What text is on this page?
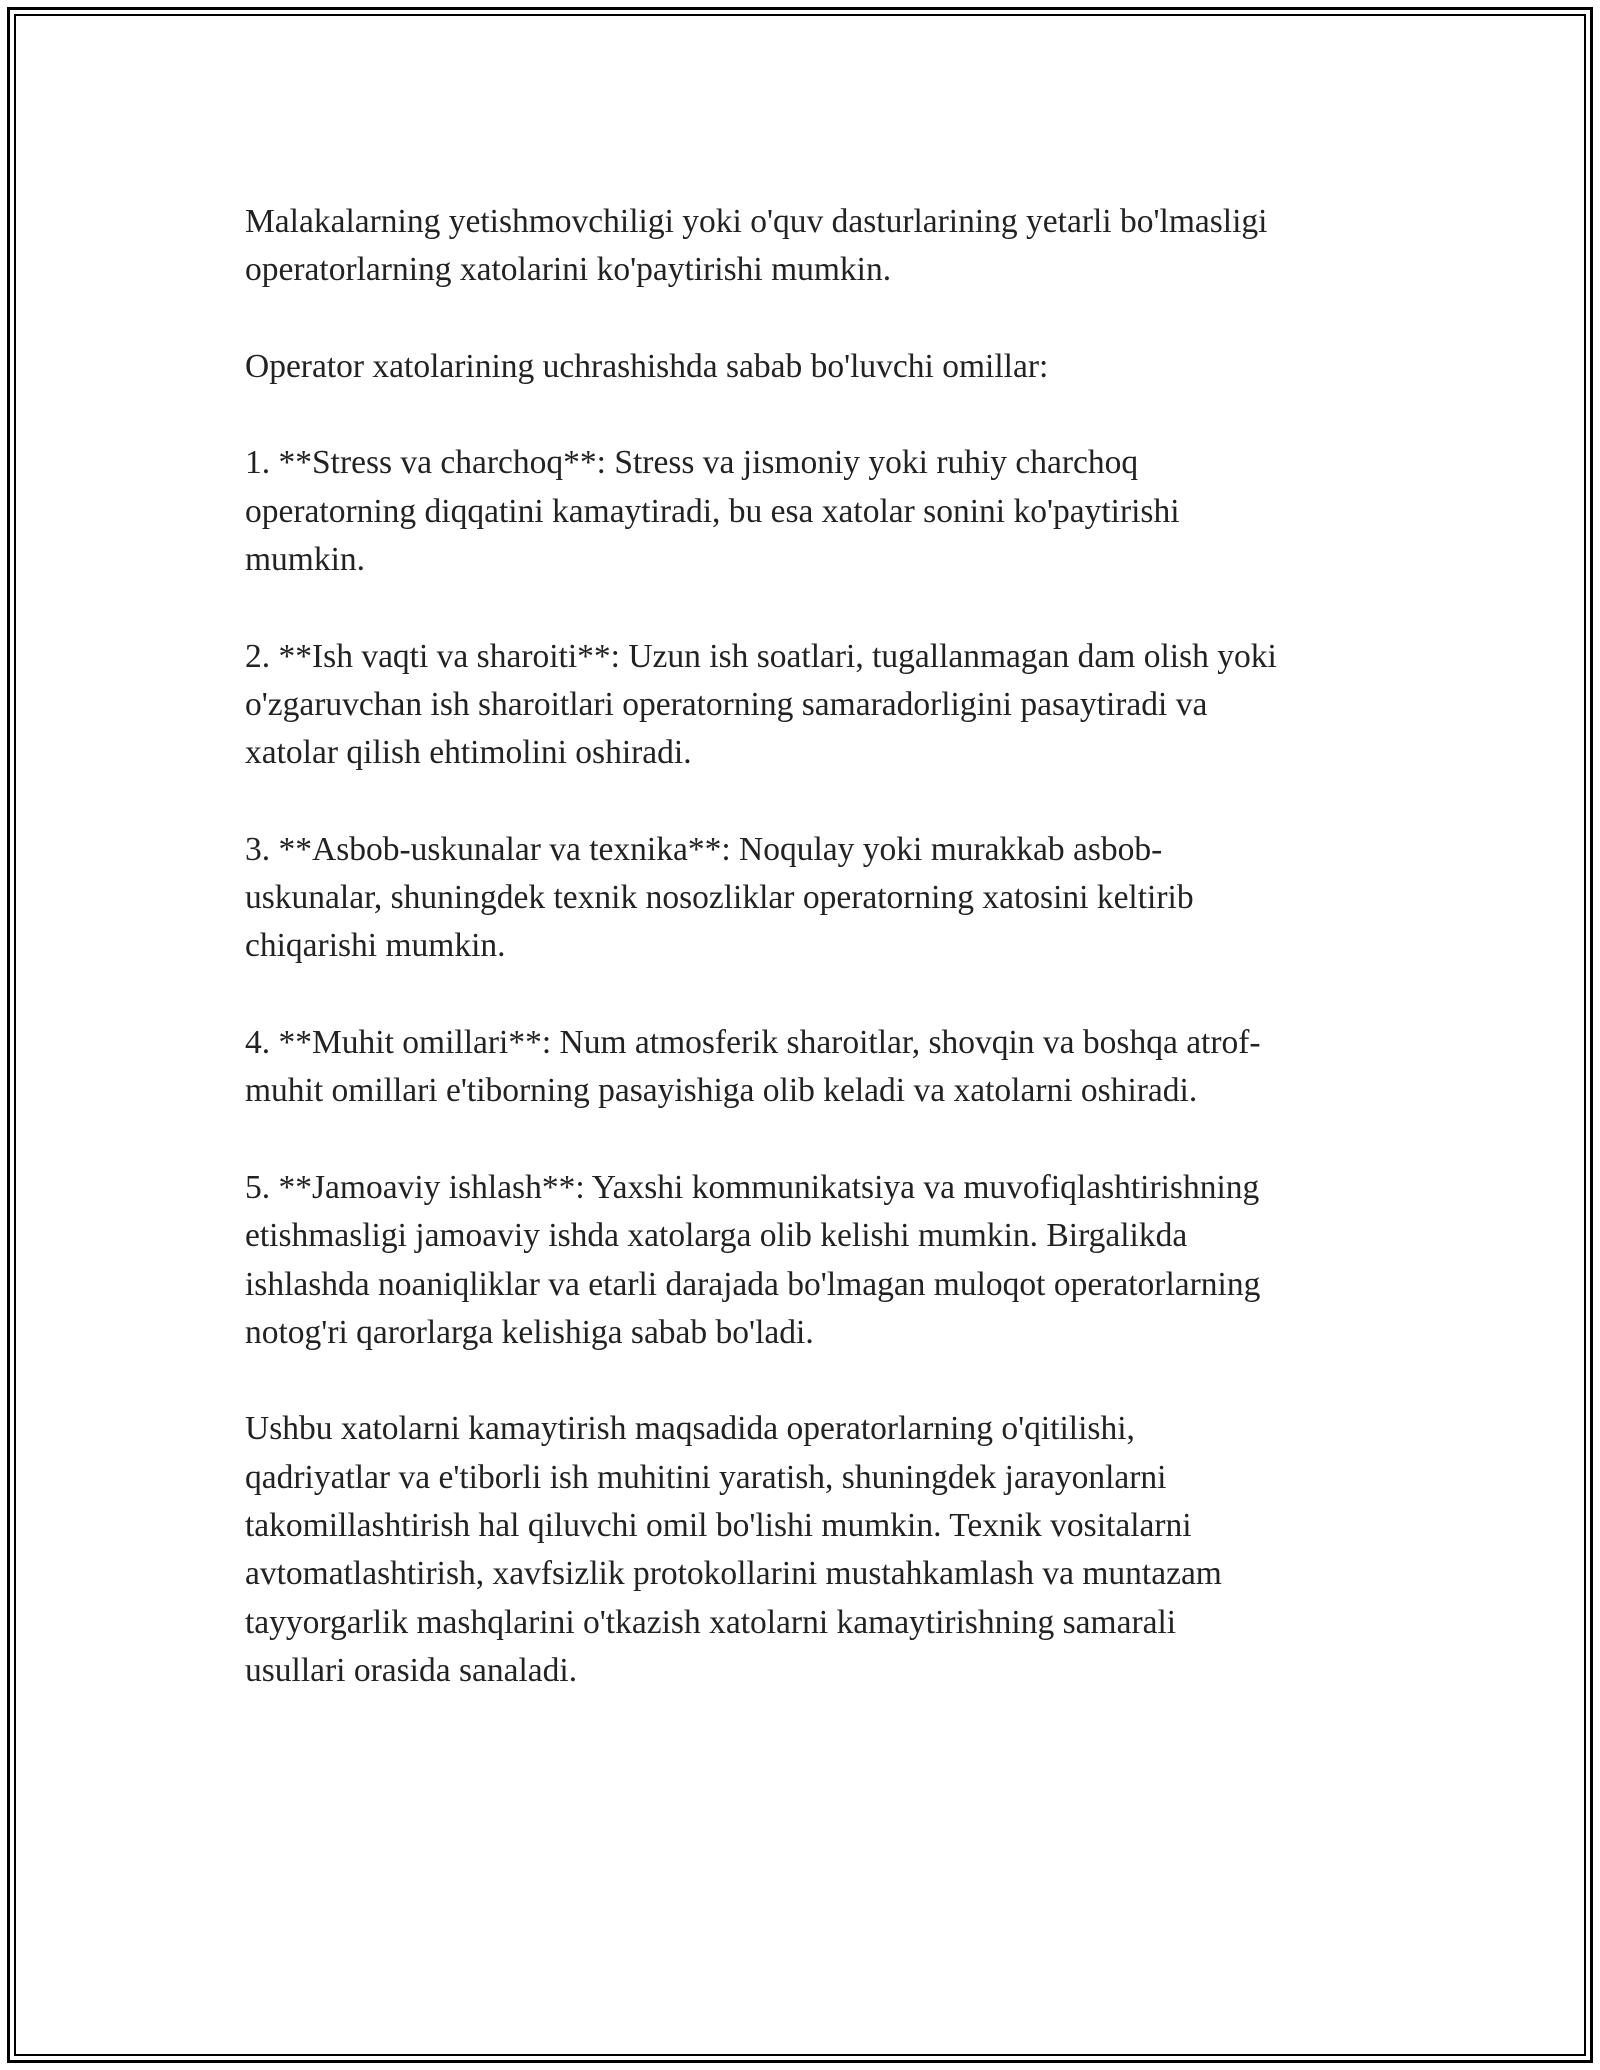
Malakalarning yetishmovchiligi yoki o'quv dasturlarining yetarli bo'lmasligi
operatorlarning xatolarini ko'paytirishi mumkin.

Operator xatolarining uchrashishda sabab bo'luvchi omillar:

1. **Stress va charchoq**: Stress va jismoniy yoki ruhiy charchoq
operatorning diqqatini kamaytiradi, bu esa xatolar sonini ko'paytirishi
mumkin.

2. **Ish vaqti va sharoiti**: Uzun ish soatlari, tugallanmagan dam olish yoki
o'zgaruvchan ish sharoitlari operatorning samaradorligini pasaytiradi va
xatolar qilish ehtimolini oshiradi.

3. **Asbob-uskunalar va texnika**: Noqulay yoki murakkab asbob-
uskunalar, shuningdek texnik nosozliklar operatorning xatosini keltirib
chiqarishi mumkin.

4. **Muhit omillari**: Num atmosferik sharoitlar, shovqin va boshqa atrof-
muhit omillari e'tiborning pasayishiga olib keladi va xatolarni oshiradi.

5. **Jamoaviy ishlash**: Yaxshi kommunikatsiya va muvofiqlashtirishning
etishmasligi jamoaviy ishda xatolarga olib kelishi mumkin. Birgalikda
ishlashda noaniqliklar va etarli darajada bo'lmagan muloqot operatorlarning
notog'ri qarorlarga kelishiga sabab bo'ladi.

Ushbu xatolarni kamaytirish maqsadida operatorlarning o'qitilishi,
qadriyatlar va e'tiborli ish muhitini yaratish, shuningdek jarayonlarni
takomillashtirish hal qiluvchi omil bo'lishi mumkin. Texnik vositalarni
avtomatlashtirish, xavfsizlik protokollarini mustahkamlash va muntazam
tayyorgarlik mashqlarini o'tkazish xatolarni kamaytirishning samarali
usullari orasida sanaladi.
